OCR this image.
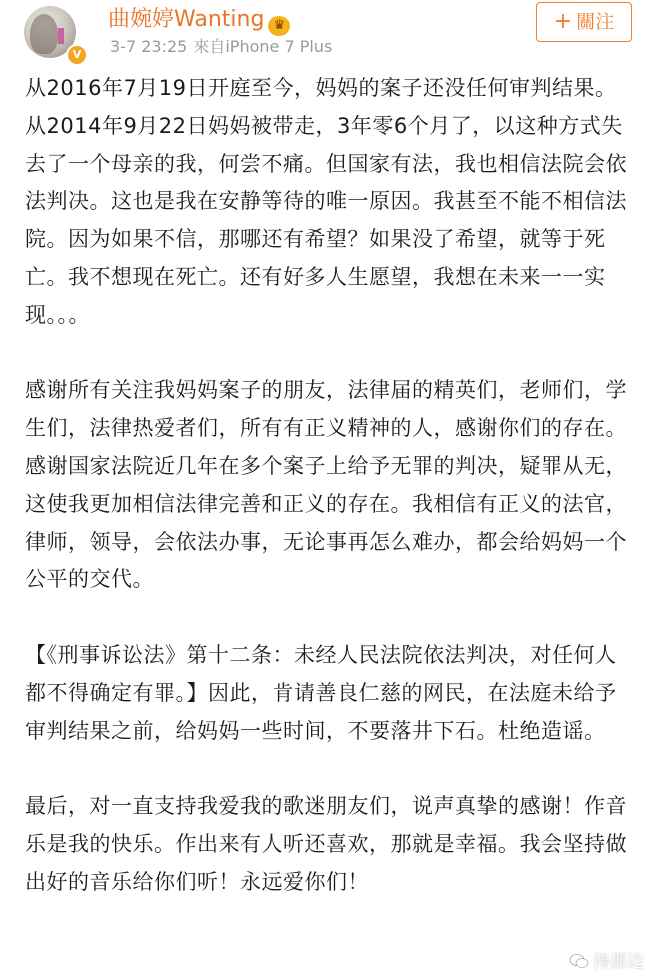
V
曲婉婷Wanting ♛
3-7 23:25 來自iPhone 7 Plus
+ 關注

从2016年7月19日开庭至今，妈妈的案子还没任何审判结果。从2014年9月22日妈妈被带走，3年零6个月了，以这种方式失去了一个母亲的我，何尝不痛。但国家有法，我也相信法院会依法判决。这也是我在安静等待的唯一原因。我甚至不能不相信法院。因为如果不信，那哪还有希望？如果没了希望，就等于死亡。我不想现在死亡。还有好多人生愿望，我想在未来一一实现。。。

感谢所有关注我妈妈案子的朋友，法律届的精英们，老师们，学生们，法律热爱者们，所有有正义精神的人，感谢你们的存在。感谢国家法院近几年在多个案子上给予无罪的判决，疑罪从无，这使我更加相信法律完善和正义的存在。我相信有正义的法官，律师，领导，会依法办事，无论事再怎么难办，都会给妈妈一个公平的交代。

【《刑事诉讼法》第十二条：未经人民法院依法判决，对任何人都不得确定有罪。】因此，肯请善良仁慈的网民，在法庭未给予审判结果之前，给妈妈一些时间，不要落井下石。杜绝造谣。

最后，对一直支持我爱我的歌迷朋友们，说声真挚的感谢！作音乐是我的快乐。作出来有人听还喜欢，那就是幸福。我会坚持做出好的音乐给你们听！永远爱你们！

涛那边
